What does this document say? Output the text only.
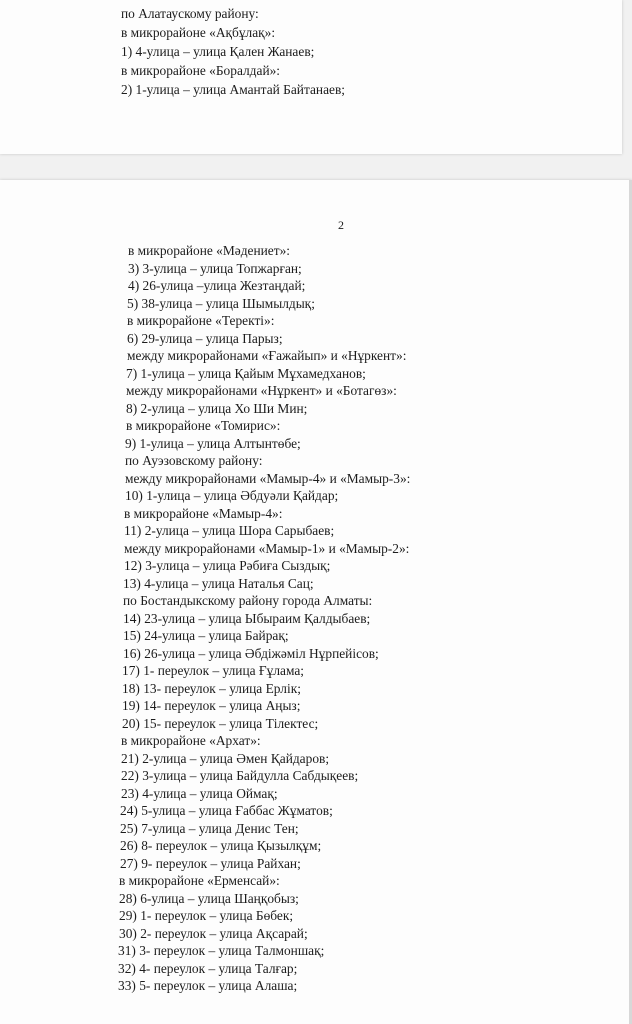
2
по Алатаускому району:
в микрорайоне «Ақбұлақ»:
1) 4-улица – улица Қален Жанаев;
в микрорайоне «Боралдай»:
2) 1-улица – улица Амантай Байтанаев;
в микрорайоне «Мәдениет»:
3) 3-улица – улица Топжарған;
4) 26-улица –улица Жезтаңдай;
5) 38-улица – улица Шымылдық;
в микрорайоне «Теректі»:
6) 29-улица – улица Парыз;
между микрорайонами «Ғажайып» и «Нұркент»:
7) 1-улица – улица Қайым Мұхамедханов;
между микрорайонами «Нұркент» и «Ботагөз»:
8) 2-улица – улица Хо Ши Мин;
в микрорайоне «Томирис»:
9) 1-улица – улица Алтынтөбе;
по Ауэзовскому району:
между микрорайонами «Мамыр-4» и «Мамыр-3»:
10) 1-улица – улица Әбдуәли Қайдар;
в микрорайоне «Мамыр-4»:
11) 2-улица – улица Шора Сарыбаев;
между микрорайонами «Мамыр-1» и «Мамыр-2»:
12) 3-улица – улица Рәбиға Сыздық;
13) 4-улица – улица Наталья Сац;
по Бостандыкскому району города Алматы:
14) 23-улица – улица Ыбыраим Қалдыбаев;
15) 24-улица – улица Байрақ;
16) 26-улица – улица Әбдіжәміл Нұрпейісов;
17) 1- переулок – улица Ғұлама;
18) 13- переулок – улица Ерлік;
19) 14- переулок – улица Аңыз;
20) 15- переулок – улица Тілектес;
в микрорайоне «Архат»:
21) 2-улица – улица Әмен Қайдаров;
22) 3-улица – улица Байдулла Сабдықеев;
23) 4-улица – улица Оймақ;
24) 5-улица – улица Ғаббас Жұматов;
25) 7-улица – улица Денис Тен;
26) 8- переулок – улица Қызылқұм;
27) 9- переулок – улица Райхан;
в микрорайоне «Ерменсай»:
28) 6-улица – улица Шаңқобыз;
29) 1- переулок – улица Бөбек;
30) 2- переулок – улица Ақсарай;
31) 3- переулок – улица Талмоншақ;
32) 4- переулок – улица Талғар;
33) 5- переулок – улица Алаша;
